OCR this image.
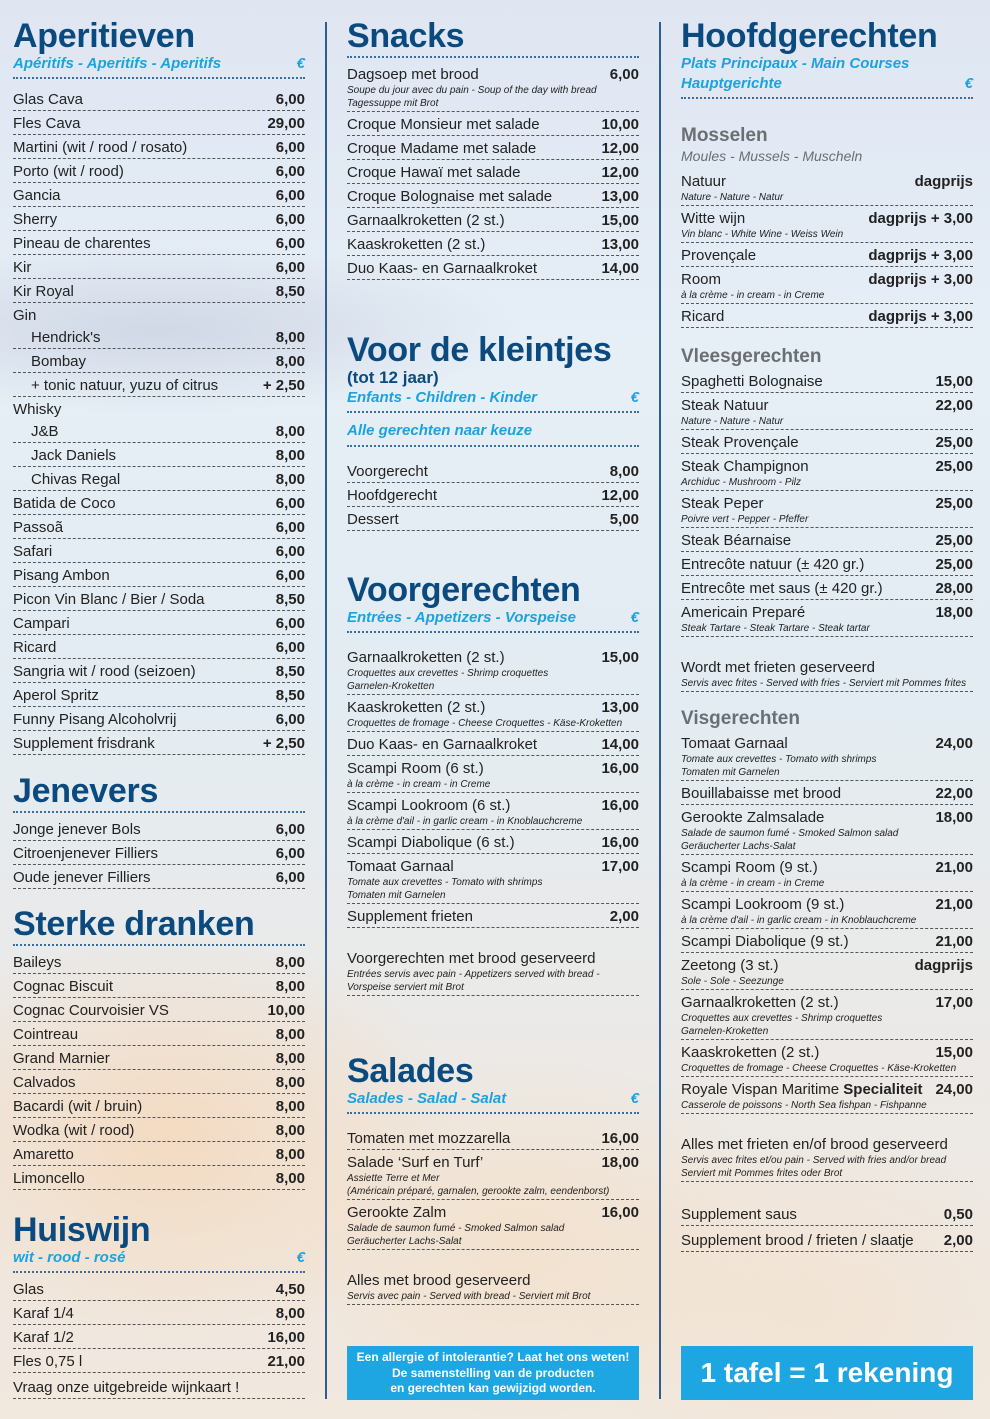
Aperitieven
Apéritifs - Aperitifs - Aperitifs	€
Glas Cava	6,00
Fles Cava	29,00
Martini (wit / rood / rosato)	6,00
Porto (wit / rood)	6,00
Gancia	6,00
Sherry	6,00
Pineau de charentes	6,00
Kir	6,00
Kir Royal	8,50
Gin
Hendrick's	8,00
Bombay	8,00
+ tonic natuur, yuzu of citrus	+ 2,50
Whisky
J&B	8,00
Jack Daniels	8,00
Chivas Regal	8,00
Batida de Coco	6,00
Passoã	6,00
Safari	6,00
Pisang Ambon	6,00
Picon Vin Blanc / Bier / Soda	8,50
Campari	6,00
Ricard	6,00
Sangria wit / rood (seizoen)	8,50
Aperol Spritz	8,50
Funny Pisang Alcoholvrij	6,00
Supplement frisdrank	+ 2,50
Jenevers
Jonge jenever Bols	6,00
Citroenjenever Filliers	6,00
Oude jenever Filliers	6,00
Sterke dranken
Baileys	8,00
Cognac Biscuit	8,00
Cognac Courvoisier VS	10,00
Cointreau	8,00
Grand Marnier	8,00
Calvados	8,00
Bacardi (wit / bruin)	8,00
Wodka (wit / rood)	8,00
Amaretto	8,00
Limoncello	8,00
Huiswijn
wit - rood - rosé	€
Glas	4,50
Karaf 1/4	8,00
Karaf 1/2	16,00
Fles 0,75 l	21,00
Vraag onze uitgebreide wijnkaart !
Snacks
Dagsoep met brood	6,00
Soupe du jour avec du pain - Soup of the day with bread
Tagessuppe mit Brot
Croque Monsieur met salade	10,00
Croque Madame met salade	12,00
Croque Hawaï met salade	12,00
Croque Bolognaise met salade	13,00
Garnaalkroketten (2 st.)	15,00
Kaaskroketten (2 st.)	13,00
Duo Kaas- en Garnaalkroket	14,00
Voor de kleintjes
(tot 12 jaar)
Enfants - Children - Kinder	€
Alle gerechten naar keuze
Voorgerecht	8,00
Hoofdgerecht	12,00
Dessert	5,00
Voorgerechten
Entrées - Appetizers - Vorspeise	€
Garnaalkroketten (2 st.)	15,00
Croquettes aux crevettes - Shrimp croquettes
Garnelen-Kroketten
Kaaskroketten (2 st.)	13,00
Croquettes de fromage - Cheese Croquettes - Käse-Kroketten
Duo Kaas- en Garnaalkroket	14,00
Scampi Room (6 st.)	16,00
à la crème - in cream - in Creme
Scampi Lookroom (6 st.)	16,00
à la crème d'ail - in garlic cream - in Knoblauchcreme
Scampi Diabolique (6 st.)	16,00
Tomaat Garnaal	17,00
Tomate aux crevettes - Tomato with shrimps
Tomaten mit Garnelen
Supplement frieten	2,00
Voorgerechten met brood geserveerd
Entrées servis avec pain - Appetizers served with bread -
Vorspeise serviert mit Brot
Salades
Salades - Salad - Salat	€
Tomaten met mozzarella	16,00
Salade ‘Surf en Turf’	18,00
Assiette Terre et Mer
(Américain préparé, garnalen, gerookte zalm, eendenborst)
Gerookte Zalm	16,00
Salade de saumon fumé - Smoked Salmon salad
Geräucherter Lachs-Salat
Alles met brood geserveerd
Servis avec pain - Served with bread - Serviert mit Brot
Een allergie of intolerantie? Laat het ons weten!
De samenstelling van de producten
en gerechten kan gewijzigd worden.
Hoofdgerechten
Plats Principaux - Main Courses
Hauptgerichte	€
Mosselen
Moules - Mussels - Muscheln
Natuur	dagprijs
Nature - Nature - Natur
Witte wijn	dagprijs + 3,00
Vin blanc - White Wine - Weiss Wein
Provençale	dagprijs + 3,00
Room	dagprijs + 3,00
à la crème - in cream - in Creme
Ricard	dagprijs + 3,00
Vleesgerechten
Spaghetti Bolognaise	15,00
Steak Natuur	22,00
Nature - Nature - Natur
Steak Provençale	25,00
Steak Champignon	25,00
Archiduc - Mushroom - Pilz
Steak Peper	25,00
Poivre vert - Pepper - Pfeffer
Steak Béarnaise	25,00
Entrecôte natuur (± 420 gr.)	25,00
Entrecôte met saus (± 420 gr.)	28,00
Americain Preparé	18,00
Steak Tartare - Steak Tartare - Steak tartar
Wordt met frieten geserveerd
Servis avec frites - Served with fries - Serviert mit Pommes frites
Visgerechten
Tomaat Garnaal	24,00
Tomate aux crevettes - Tomato with shrimps
Tomaten mit Garnelen
Bouillabaisse met brood	22,00
Gerookte Zalmsalade	18,00
Salade de saumon fumé - Smoked Salmon salad
Geräucherter Lachs-Salat
Scampi Room (9 st.)	21,00
à la crème - in cream - in Creme
Scampi Lookroom (9 st.)	21,00
à la crème d'ail - in garlic cream - in Knoblauchcreme
Scampi Diabolique (9 st.)	21,00
Zeetong (3 st.)	dagprijs
Sole - Sole - Seezunge
Garnaalkroketten (2 st.)	17,00
Croquettes aux crevettes - Shrimp croquettes
Garnelen-Kroketten
Kaaskroketten (2 st.)	15,00
Croquettes de fromage - Cheese Croquettes - Käse-Kroketten
Royale Vispan Maritime Specialiteit 24,00
Casserole de poissons - North Sea fishpan - Fishpanne
Alles met frieten en/of brood geserveerd
Servis avec frites et/ou pain - Served with fries and/or bread
Serviert mit Pommes frites oder Brot
Supplement saus	0,50
Supplement brood / frieten / slaatje 2,00
1 tafel = 1 rekening
